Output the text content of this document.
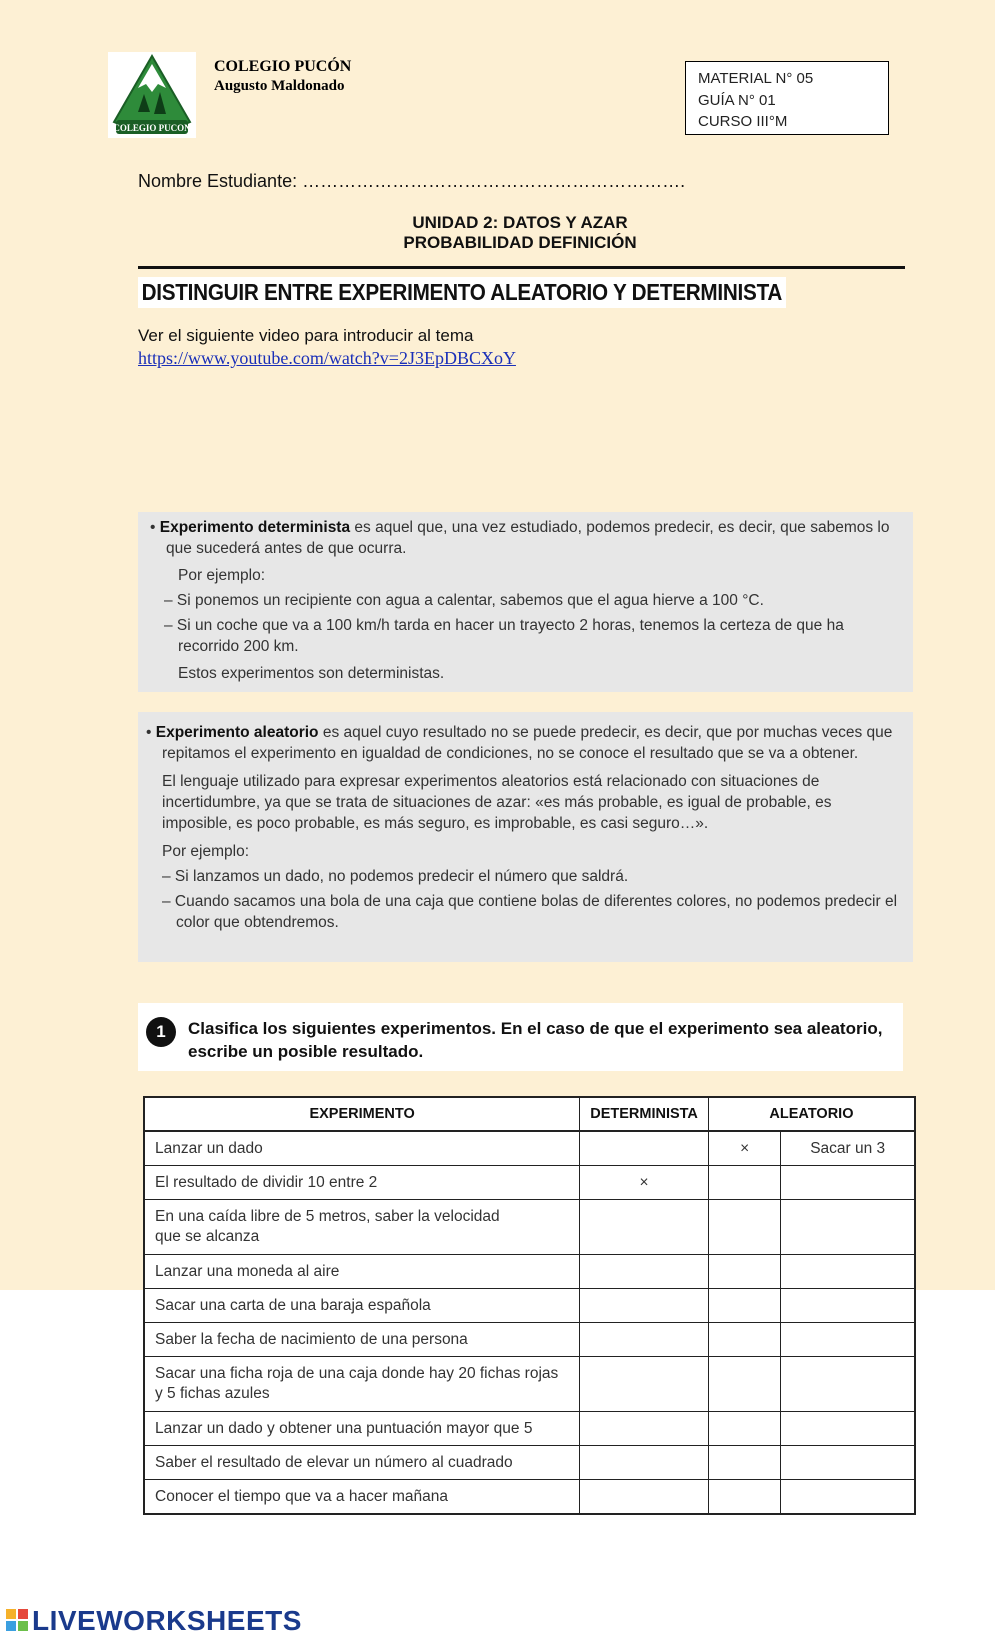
COLEGIO PUCON
COLEGIO PUCÓN
Augusto Maldonado	MATERIAL N° 05
GUÍA N° 01
CURSO III°M
Nombre Estudiante: ……………………………………………………….
UNIDAD 2: DATOS Y AZAR
PROBABILIDAD DEFINICIÓN
DISTINGUIR ENTRE EXPERIMENTO ALEATORIO Y DETERMINISTA
Ver el siguiente video para introducir al tema
https://www.youtube.com/watch?v=2J3EpDBCXoY

• Experimento determinista es aquel que, una vez estudiado, podemos predecir, es decir, que sabemos lo que sucederá antes de que ocurra.

Por ejemplo:

– Si ponemos un recipiente con agua a calentar, sabemos que el agua hierve a 100 °C.

– Si un coche que va a 100 km/h tarda en hacer un trayecto 2 horas, tenemos la certeza de que ha recorrido 200 km.

Estos experimentos son deterministas.

• Experimento aleatorio es aquel cuyo resultado no se puede predecir, es decir, que por muchas veces que repitamos el experimento en igualdad de condiciones, no se conoce el resultado que se va a obtener.

El lenguaje utilizado para expresar experimentos aleatorios está relacionado con situaciones de incertidumbre, ya que se trata de situaciones de azar: «es más probable, es igual de probable, es imposible, es poco probable, es más seguro, es improbable, es casi seguro…».

Por ejemplo:

– Si lanzamos un dado, no podemos predecir el número que saldrá.

– Cuando sacamos una bola de una caja que contiene bolas de diferentes colores, no podemos predecir el color que obtendremos.

1	Clasifica los siguientes experimentos. En el caso de que el experimento sea aleatorio, escribe un posible resultado.
EXPERIMENTO	DETERMINISTA	ALEATORIO	
Lanzar un dado		×	Sacar un 3
El resultado de dividir 10 entre 2	×		
En una caída libre de 5 metros, saber la velocidad que se alcanza			
Lanzar una moneda al aire			
Sacar una carta de una baraja española			
Saber la fecha de nacimiento de una persona			
Sacar una ficha roja de una caja donde hay 20 fichas rojas y 5 fichas azules			
Lanzar un dado y obtener una puntuación mayor que 5			
Saber el resultado de elevar un número al cuadrado			
Conocer el tiempo que va a hacer mañana			
LIVEWORKSHEETS
